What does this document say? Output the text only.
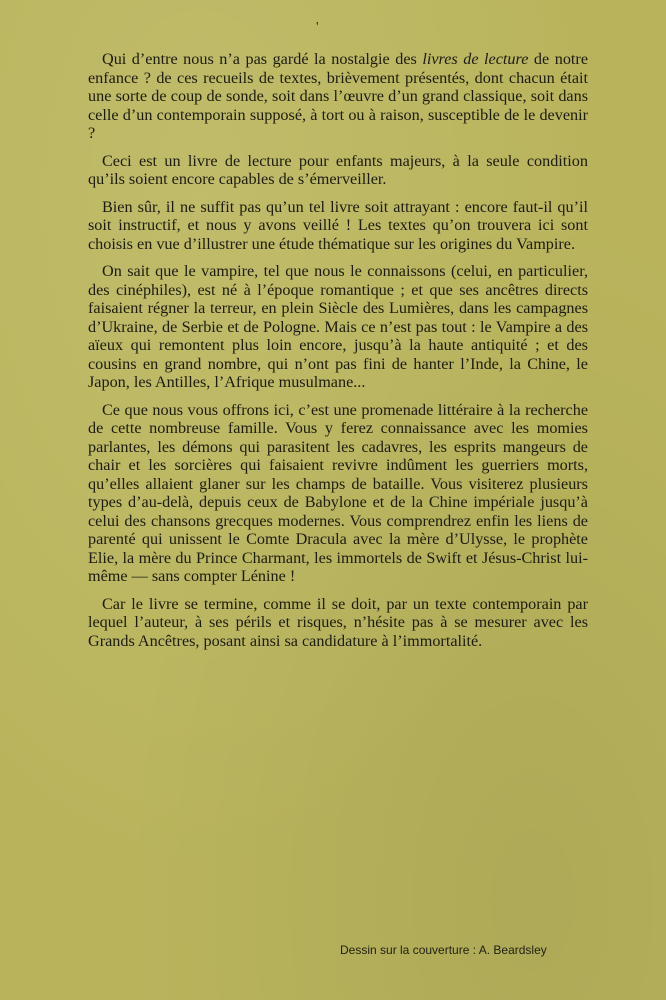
'

Qui d’entre nous n’a pas gardé la nostalgie des livres de lecture de notre enfance ? de ces recueils de textes, brièvement présentés, dont chacun était une sorte de coup de sonde, soit dans l’œuvre d’un grand classique, soit dans celle d’un contemporain supposé, à tort ou à raison, susceptible de le devenir ?

Ceci est un livre de lecture pour enfants majeurs, à la seule condition qu’ils soient encore capables de s’émerveiller.

Bien sûr, il ne suffit pas qu’un tel livre soit attrayant : encore faut-il qu’il soit instructif, et nous y avons veillé ! Les textes qu’on trouvera ici sont choisis en vue d’illustrer une étude thématique sur les origines du Vampire.

On sait que le vampire, tel que nous le connaissons (celui, en particulier, des cinéphiles), est né à l’époque romantique ; et que ses ancêtres directs faisaient régner la terreur, en plein Siècle des Lumières, dans les campagnes d’Ukraine, de Serbie et de Pologne. Mais ce n’est pas tout : le Vampire a des aïeux qui remontent plus loin encore, jusqu’à la haute antiquité ; et des cousins en grand nombre, qui n’ont pas fini de hanter l’Inde, la Chine, le Japon, les Antilles, l’Afrique musulmane...

Ce que nous vous offrons ici, c’est une promenade littéraire à la recherche de cette nombreuse famille. Vous y ferez connaissance avec les momies parlantes, les démons qui parasitent les cadavres, les esprits mangeurs de chair et les sorcières qui faisaient revivre indûment les guerriers morts, qu’elles allaient glaner sur les champs de bataille. Vous visiterez plusieurs types d’au-delà, depuis ceux de Babylone et de la Chine impériale jusqu’à celui des chansons grecques modernes. Vous comprendrez enfin les liens de parenté qui unissent le Comte Dracula avec la mère d’Ulysse, le prophète Elie, la mère du Prince Charmant, les immortels de Swift et Jésus-Christ lui-même — sans compter Lénine !

Car le livre se termine, comme il se doit, par un texte contemporain par lequel l’auteur, à ses périls et risques, n’hésite pas à se mesurer avec les Grands Ancêtres, posant ainsi sa candidature à l’immortalité.

Dessin sur la couverture : A. Beardsley
